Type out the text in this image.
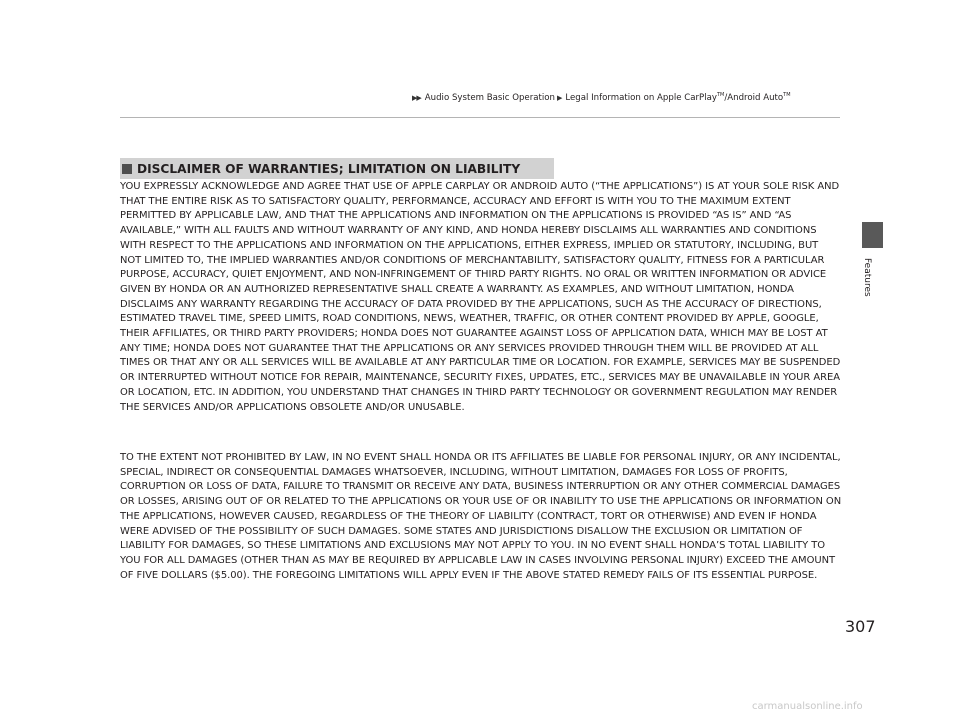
▶▶ Audio System Basic Operation ▶ Legal Information on Apple CarPlay™/Android Auto™
DISCLAIMER OF WARRANTIES; LIMITATION ON LIABILITY

YOU EXPRESSLY ACKNOWLEDGE AND AGREE THAT USE OF APPLE CARPLAY OR ANDROID AUTO (“THE APPLICATIONS”) IS AT YOUR SOLE RISK AND THAT THE ENTIRE RISK AS TO SATISFACTORY QUALITY, PERFORMANCE, ACCURACY AND EFFORT IS WITH YOU TO THE MAXIMUM EXTENT PERMITTED BY APPLICABLE LAW, AND THAT THE APPLICATIONS AND INFORMATION ON THE APPLICATIONS IS PROVIDED “AS IS” AND “AS AVAILABLE,” WITH ALL FAULTS AND WITHOUT WARRANTY OF ANY KIND, AND HONDA HEREBY DISCLAIMS ALL WARRANTIES AND CONDITIONS WITH RESPECT TO THE APPLICATIONS AND INFORMATION ON THE APPLICATIONS, EITHER EXPRESS, IMPLIED OR STATUTORY, INCLUDING, BUT NOT LIMITED TO, THE IMPLIED WARRANTIES AND/OR CONDITIONS OF MERCHANTABILITY, SATISFACTORY QUALITY, FITNESS FOR A PARTICULAR PURPOSE, ACCURACY, QUIET ENJOYMENT, AND NON-INFRINGEMENT OF THIRD PARTY RIGHTS. NO ORAL OR WRITTEN INFORMATION OR ADVICE GIVEN BY HONDA OR AN AUTHORIZED REPRESENTATIVE SHALL CREATE A WARRANTY. AS EXAMPLES, AND WITHOUT LIMITATION, HONDA DISCLAIMS ANY WARRANTY REGARDING THE ACCURACY OF DATA PROVIDED BY THE APPLICATIONS, SUCH AS THE ACCURACY OF DIRECTIONS, ESTIMATED TRAVEL TIME, SPEED LIMITS, ROAD CONDITIONS, NEWS, WEATHER, TRAFFIC, OR OTHER CONTENT PROVIDED BY APPLE, GOOGLE, THEIR AFFILIATES, OR THIRD PARTY PROVIDERS; HONDA DOES NOT GUARANTEE AGAINST LOSS OF APPLICATION DATA, WHICH MAY BE LOST AT ANY TIME; HONDA DOES NOT GUARANTEE THAT THE APPLICATIONS OR ANY SERVICES PROVIDED THROUGH THEM WILL BE PROVIDED AT ALL TIMES OR THAT ANY OR ALL SERVICES WILL BE AVAILABLE AT ANY PARTICULAR TIME OR LOCATION. FOR EXAMPLE, SERVICES MAY BE SUSPENDED OR INTERRUPTED WITHOUT NOTICE FOR REPAIR, MAINTENANCE, SECURITY FIXES, UPDATES, ETC., SERVICES MAY BE UNAVAILABLE IN YOUR AREA OR LOCATION, ETC. IN ADDITION, YOU UNDERSTAND THAT CHANGES IN THIRD PARTY TECHNOLOGY OR GOVERNMENT REGULATION MAY RENDER THE SERVICES AND/OR APPLICATIONS OBSOLETE AND/OR UNUSABLE.

TO THE EXTENT NOT PROHIBITED BY LAW, IN NO EVENT SHALL HONDA OR ITS AFFILIATES BE LIABLE FOR PERSONAL INJURY, OR ANY INCIDENTAL, SPECIAL, INDIRECT OR CONSEQUENTIAL DAMAGES WHATSOEVER, INCLUDING, WITHOUT LIMITATION, DAMAGES FOR LOSS OF PROFITS, CORRUPTION OR LOSS OF DATA, FAILURE TO TRANSMIT OR RECEIVE ANY DATA, BUSINESS INTERRUPTION OR ANY OTHER COMMERCIAL DAMAGES OR LOSSES, ARISING OUT OF OR RELATED TO THE APPLICATIONS OR YOUR USE OF OR INABILITY TO USE THE APPLICATIONS OR INFORMATION ON THE APPLICATIONS, HOWEVER CAUSED, REGARDLESS OF THE THEORY OF LIABILITY (CONTRACT, TORT OR OTHERWISE) AND EVEN IF HONDA WERE ADVISED OF THE POSSIBILITY OF SUCH DAMAGES. SOME STATES AND JURISDICTIONS DISALLOW THE EXCLUSION OR LIMITATION OF LIABILITY FOR DAMAGES, SO THESE LIMITATIONS AND EXCLUSIONS MAY NOT APPLY TO YOU. IN NO EVENT SHALL HONDA’S TOTAL LIABILITY TO YOU FOR ALL DAMAGES (OTHER THAN AS MAY BE REQUIRED BY APPLICABLE LAW IN CASES INVOLVING PERSONAL INJURY) EXCEED THE AMOUNT OF FIVE DOLLARS ($5.00). THE FOREGOING LIMITATIONS WILL APPLY EVEN IF THE ABOVE STATED REMEDY FAILS OF ITS ESSENTIAL PURPOSE.

Features
307
carmanualsonline.info
